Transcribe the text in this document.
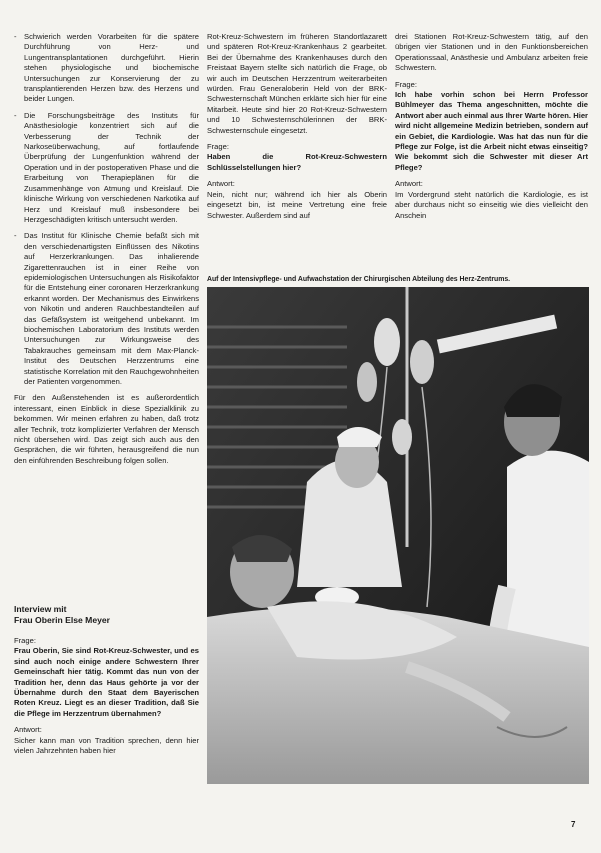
- Schwierich werden Vorarbeiten für die spätere Durchführung von Herz- und Lungentransplantationen durchgeführt. Hierin stehen physiologische und biochemische Untersuchungen zur Konservierung der zu transplantierenden Herzen bzw. des Herzens und beider Lungen.
- Die Forschungsbeiträge des Instituts für Anästhesiologie konzentriert sich auf die Verbesserung der Technik der Narkoseüberwachung, auf fortlaufende Überprüfung der Lungenfunktion während der Operation und in der postoperativen Phase und die Erarbeitung von Therapieplänen für die Zusammenhänge von Atmung und Kreislauf. Die klinische Wirkung von verschiedenen Narkotika auf Herz und Kreislauf muß insbesondere bei Herzgeschädigten kritisch untersucht werden.
- Das Institut für Klinische Chemie befaßt sich mit den verschiedenartigsten Einflüssen des Nikotins auf Herzerkrankungen. Das inhalierende Zigarettenrauchen ist in einer Reihe von epidemiologischen Untersuchungen als Risikofaktor für die Entstehung einer coronaren Herzerkrankung erkannt worden. Der Mechanismus des Einwirkens von Nikotin und anderen Rauchbestandteilen auf das Gefäßsystem ist weitgehend unbekannt. Im biochemischen Laboratorium des Instituts werden Untersuchungen zur Wirkungsweise des Tabakrauches gemeinsam mit dem Max-Planck-Institut des Deutschen Herzzentrums eine statistische Korrelation mit den Rauchgewohnheiten der Patienten vorgenommen.

Für den Außenstehenden ist es außerordentlich interessant, einen Einblick in diese Spezialklinik zu bekommen. Wir meinen erfahren zu haben, daß trotz aller Technik, trotz komplizierter Verfahren der Mensch nicht übersehen wird. Das zeigt sich auch aus den Gesprächen, die wir führten, herausgreifend die nun den einführenden Beschreibung folgen sollen.

Interview mit
Frau Oberin Else Meyer
Frage:

Frau Oberin, Sie sind Rot-Kreuz-Schwester, und es sind auch noch einige andere Schwestern Ihrer Gemeinschaft hier tätig. Kommt das nun von der Tradition her, denn das Haus gehörte ja vor der Übernahme durch den Staat dem Bayerischen Roten Kreuz. Liegt es an dieser Tradition, daß Sie die Pflege im Herzzentrum übernahmen?

Antwort:

Sicher kann man von Tradition sprechen, denn hier vielen Jahrzehnten haben hier

Rot-Kreuz-Schwestern im früheren Standortlazarett und späteren Rot-Kreuz-Krankenhaus 2 gearbeitet. Bei der Übernahme des Krankenhauses durch den Freistaat Bayern stellte sich natürlich die Frage, ob wir auch im Deutschen Herzzentrum weiterarbeiten würden. Frau Generaloberin Held von der BRK-Schwesternschaft München erklärte sich hier für eine Mitarbeit. Heute sind hier 20 Rot-Kreuz-Schwestern und 10 Schwesternschülerinnen der BRK-Schwesternschule eingesetzt.

Frage:

Haben die Rot-Kreuz-Schwestern Schlüsselstellungen hier?

Antwort:

Nein, nicht nur; während ich hier als Oberin eingesetzt bin, ist meine Vertretung eine freie Schwester. Außerdem sind auf

drei Stationen Rot-Kreuz-Schwestern tätig, auf den übrigen vier Stationen und in den Funktionsbereichen Operationssaal, Anästhesie und Ambulanz arbeiten freie Schwestern.

Frage:

Ich habe vorhin schon bei Herrn Professor Bühlmeyer das Thema angeschnitten, möchte die Antwort aber auch einmal aus Ihrer Warte hören. Hier wird nicht allgemeine Medizin betrieben, sondern auf ein Gebiet, die Kardiologie. Was hat das nun für die Pflege zur Folge, ist die Arbeit nicht etwas einseitig? Wie bekommt sich die Schwester mit dieser Art Pflege?

Antwort:

Im Vordergrund steht natürlich die Kardiologie, es ist aber durchaus nicht so einseitig wie dies vielleicht den Anschein

Auf der Intensivpflege- und Aufwachstation der Chirurgischen Abteilung des Herz-Zentrums.
7
